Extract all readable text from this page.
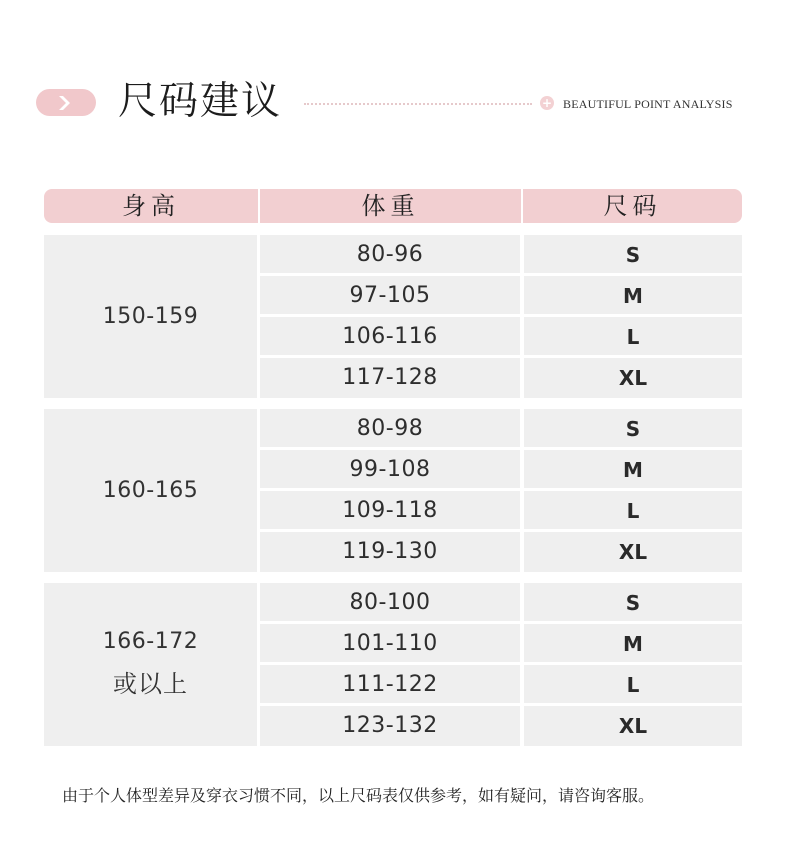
尺码建议	+ BEAUTIFUL POINT ANALYSIS
身高	体重	尺码
150-159
80-96	S
97-105	M
106-116	L
117-128	XL
160-165
80-98	S
99-108	M
109-118	L
119-130	XL
166-172
或以上
80-100	S
101-110	M
111-122	L
123-132	XL
由于个人体型差异及穿衣习惯不同，以上尺码表仅供参考，如有疑问，请咨询客服。
